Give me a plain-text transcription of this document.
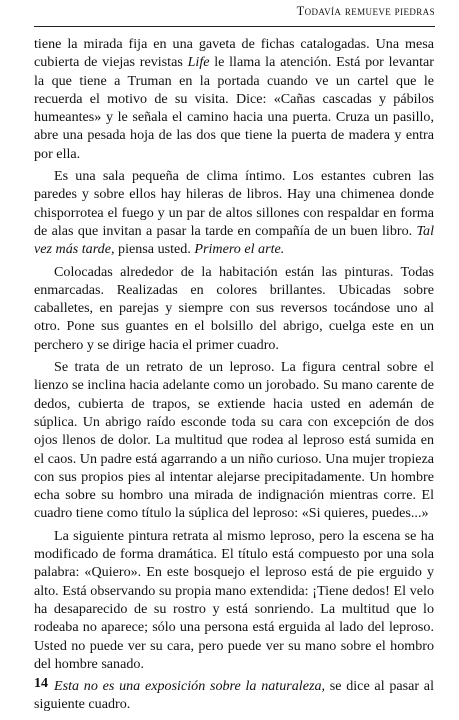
Todavía remueve piedras

tiene la mirada fija en una gaveta de fichas catalogadas. Una mesa cubierta de viejas revistas Life le llama la atención. Está por levantar la que tiene a Truman en la portada cuando ve un cartel que le recuerda el motivo de su visita. Dice: «Cañas cascadas y pábilos humeantes» y le señala el camino hacia una puerta. Cruza un pasillo, abre una pesada hoja de las dos que tiene la puerta de madera y entra por ella.

Es una sala pequeña de clima íntimo. Los estantes cubren las paredes y sobre ellos hay hileras de libros. Hay una chimenea donde chisporrotea el fuego y un par de altos sillones con respaldar en forma de alas que invitan a pasar la tarde en compañía de un buen libro. Tal vez más tarde, piensa usted. Primero el arte.

Colocadas alrededor de la habitación están las pinturas. Todas enmarcadas. Realizadas en colores brillantes. Ubicadas sobre caballetes, en parejas y siempre con sus reversos tocándose uno al otro. Pone sus guantes en el bolsillo del abrigo, cuelga este en un perchero y se dirige hacia el primer cuadro.

Se trata de un retrato de un leproso. La figura central sobre el lienzo se inclina hacia adelante como un jorobado. Su mano carente de dedos, cubierta de trapos, se extiende hacia usted en ademán de súplica. Un abrigo raído esconde toda su cara con excepción de dos ojos llenos de dolor. La multitud que rodea al leproso está sumida en el caos. Un padre está agarrando a un niño curioso. Una mujer tropieza con sus propios pies al intentar alejarse precipitadamente. Un hombre echa sobre su hombro una mirada de indignación mientras corre. El cuadro tiene como título la súplica del leproso: «Si quieres, puedes...»

La siguiente pintura retrata al mismo leproso, pero la escena se ha modificado de forma dramática. El título está compuesto por una sola palabra: «Quiero». En este bosquejo el leproso está de pie erguido y alto. Está observando su propia mano extendida: ¡Tiene dedos! El velo ha desaparecido de su rostro y está sonriendo. La multitud que lo rodeaba no aparece; sólo una persona está erguida al lado del leproso. Usted no puede ver su cara, pero puede ver su mano sobre el hombro del hombre sanado.

Esta no es una exposición sobre la naturaleza, se dice al pasar al siguiente cuadro.

14
